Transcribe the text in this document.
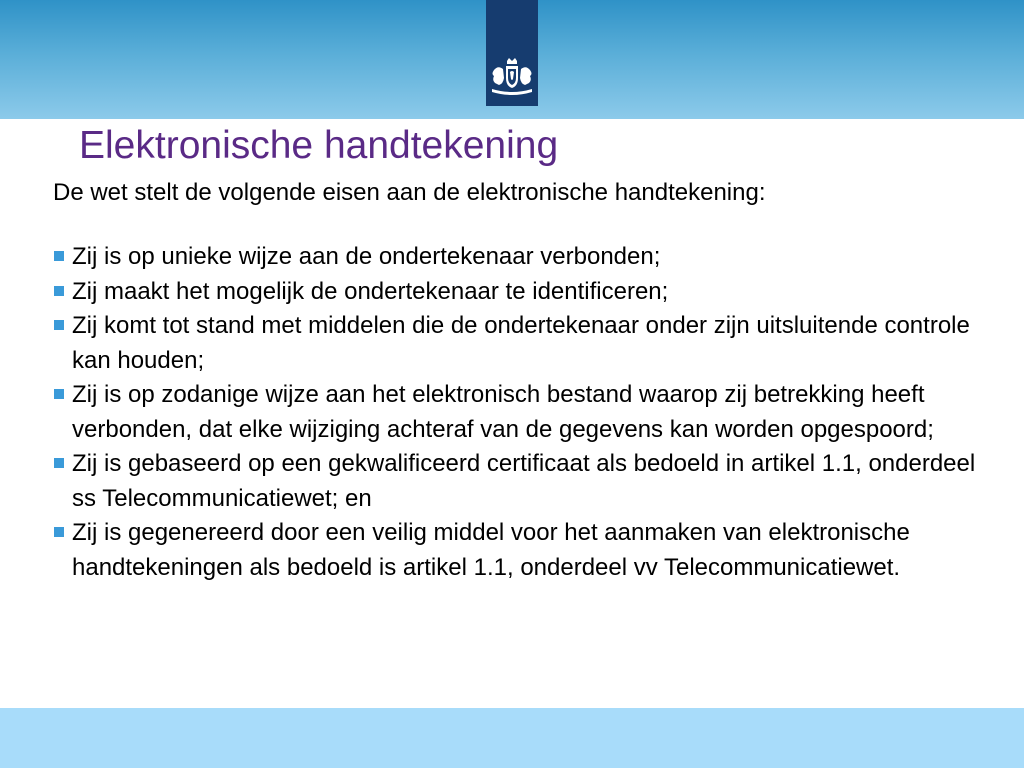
Elektronische handtekening

De wet stelt de volgende eisen aan de elektronische handtekening:

Zij is op unieke wijze aan de ondertekenaar verbonden;
Zij maakt het mogelijk de ondertekenaar te identificeren;
Zij komt tot stand met middelen die de ondertekenaar onder zijn uitsluitende controle kan houden;
Zij is op zodanige wijze aan het elektronisch bestand waarop zij betrekking heeft verbonden, dat elke wijziging achteraf van de gegevens kan worden opgespoord;
Zij is gebaseerd op een gekwalificeerd certificaat als bedoeld in artikel 1.1, onderdeel ss Telecommunicatiewet; en
Zij is gegenereerd door een veilig middel voor het aanmaken van elektronische handtekeningen als bedoeld is artikel 1.1, onderdeel vv Telecommunicatiewet.
